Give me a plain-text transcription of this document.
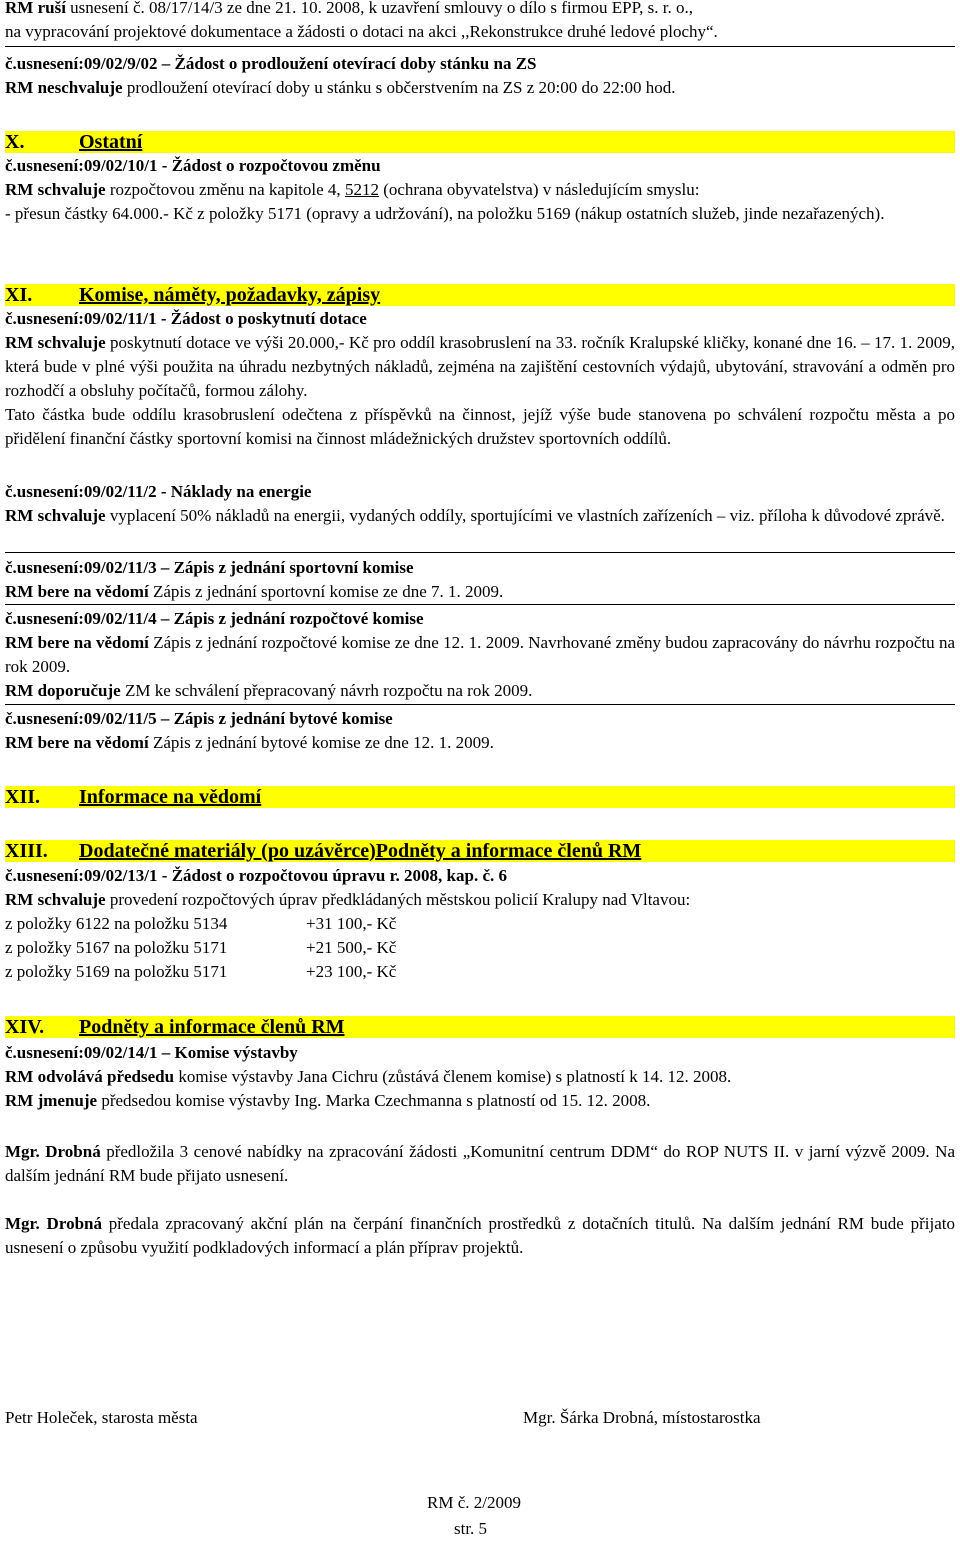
RM ruší usnesení č. 08/17/14/3 ze dne 21. 10. 2008, k uzavření smlouvy o dílo s firmou EPP, s. r. o.,
na vypracování projektové dokumentace a žádosti o dotaci na akci ,,Rekonstrukce druhé ledové plochy“.
č.usnesení:09/02/9/02 – Žádost o prodloužení otevírací doby stánku na ZS
RM neschvaluje prodloužení otevírací doby u stánku s občerstvením na ZS z 20:00 do 22:00 hod.
X.	Ostatní
č.usnesení:09/02/10/1 - Žádost o rozpočtovou změnu
RM schvaluje rozpočtovou změnu na kapitole 4, 5212 (ochrana obyvatelstva) v následujícím smyslu:
- přesun částky 64.000.- Kč z položky 5171 (opravy a udržování), na položku 5169 (nákup ostatních služeb, jinde nezařazených).
XI. Komise, náměty, požadavky, zápisy
č.usnesení:09/02/11/1 - Žádost o poskytnutí dotace
RM schvaluje poskytnutí dotace ve výši 20.000,- Kč pro oddíl krasobruslení na 33. ročník Kralupské kličky, konané dne 16. – 17. 1. 2009, která bude v plné výši použita na úhradu nezbytných nákladů, zejména na zajištění cestovních výdajů, ubytování, stravování a odměn pro rozhodčí a obsluhy počítačů, formou zálohy.
Tato částka bude oddílu krasobruslení odečtena z příspěvků na činnost, jejíž výše bude stanovena po schválení rozpočtu města a po přidělení finanční částky sportovní komisi na činnost mládežnických družstev sportovních oddílů.
č.usnesení:09/02/11/2 - Náklady na energie
RM schvaluje vyplacení 50% nákladů na energii, vydaných oddíly, sportujícími ve vlastních zařízeních – viz. příloha k důvodové zprávě.
č.usnesení:09/02/11/3 – Zápis z jednání sportovní komise
RM bere na vědomí Zápis z jednání sportovní komise ze dne 7. 1. 2009.
č.usnesení:09/02/11/4 – Zápis z jednání rozpočtové komise
RM bere na vědomí Zápis z jednání rozpočtové komise ze dne 12. 1. 2009. Navrhované změny budou zapracovány do návrhu rozpočtu na rok 2009.
RM doporučuje ZM ke schválení přepracovaný návrh rozpočtu na rok 2009.
č.usnesení:09/02/11/5 – Zápis z jednání bytové komise
RM bere na vědomí Zápis z jednání bytové komise ze dne 12. 1. 2009.
XII. Informace na vědomí
XIII. Dodatečné materiály (po uzávěrce)Podněty a informace členů RM
č.usnesení:09/02/13/1 - Žádost o rozpočtovou úpravu r. 2008, kap. č. 6
RM schvaluje provedení rozpočtových úprav předkládaných městskou policií Kralupy nad Vltavou:
z položky 6122 na položku 5134	+31 100,- Kč
z položky 5167 na položku 5171	+21 500,- Kč
z položky 5169 na položku 5171	+23 100,- Kč
XIV. Podněty a informace členů RM
č.usnesení:09/02/14/1 – Komise výstavby
RM odvolává předsedu komise výstavby Jana Cichru (zůstává členem komise) s platností k 14. 12. 2008.
RM jmenuje předsedou komise výstavby Ing. Marka Czechmanna s platností od 15. 12. 2008.
Mgr. Drobná předložila 3 cenové nabídky na zpracování žádosti „Komunitní centrum DDM“ do ROP NUTS II. v jarní výzvě 2009. Na dalším jednání RM bude přijato usnesení.
Mgr. Drobná předala zpracovaný akční plán na čerpání finančních prostředků z dotačních titulů. Na dalším jednání RM bude přijato usnesení o způsobu využití podkladových informací a plán příprav projektů.
Petr Holeček, starosta města	Mgr. Šárka Drobná, místostarostka
RM č. 2/2009
str. 5
